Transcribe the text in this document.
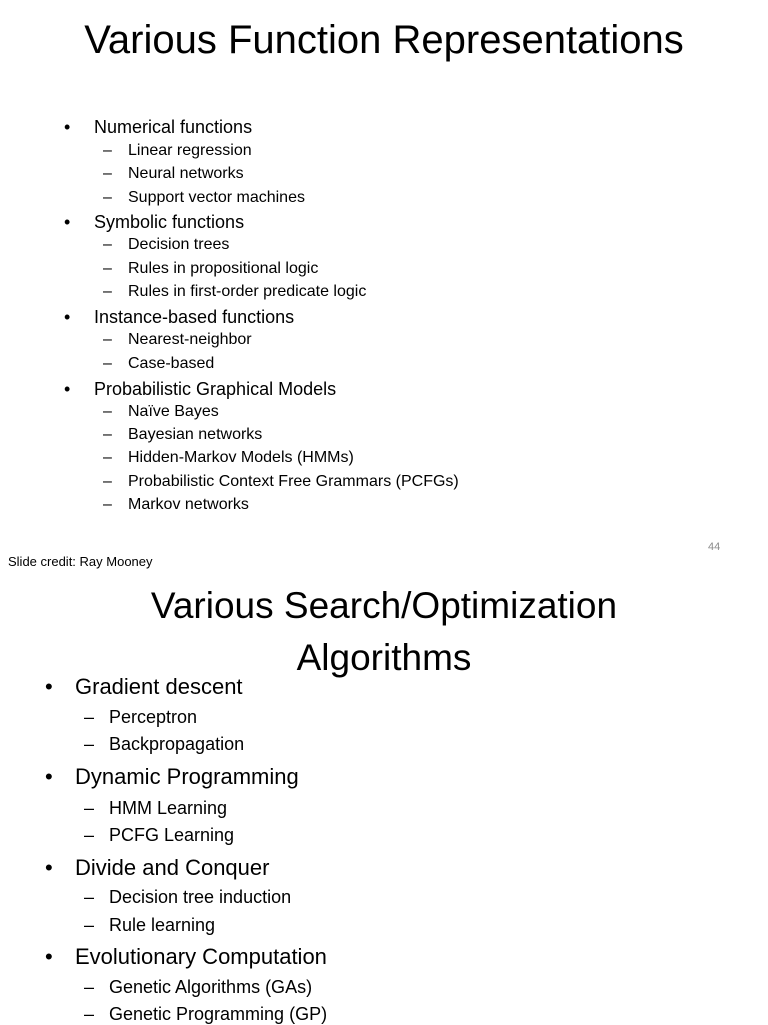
Various Function Representations
• Numerical functions
– Linear regression
– Neural networks
– Support vector machines
• Symbolic functions
– Decision trees
– Rules in propositional logic
– Rules in first-order predicate logic
• Instance-based functions
– Nearest-neighbor
– Case-based
• Probabilistic Graphical Models
– Naïve Bayes
– Bayesian networks
– Hidden-Markov Models (HMMs)
– Probabilistic Context Free Grammars (PCFGs)
– Markov networks
44
Slide credit: Ray Mooney
Various Search/Optimization
Algorithms
• Gradient descent
– Perceptron
– Backpropagation
• Dynamic Programming
– HMM Learning
– PCFG Learning
• Divide and Conquer
– Decision tree induction
– Rule learning
• Evolutionary Computation
– Genetic Algorithms (GAs)
– Genetic Programming (GP)
